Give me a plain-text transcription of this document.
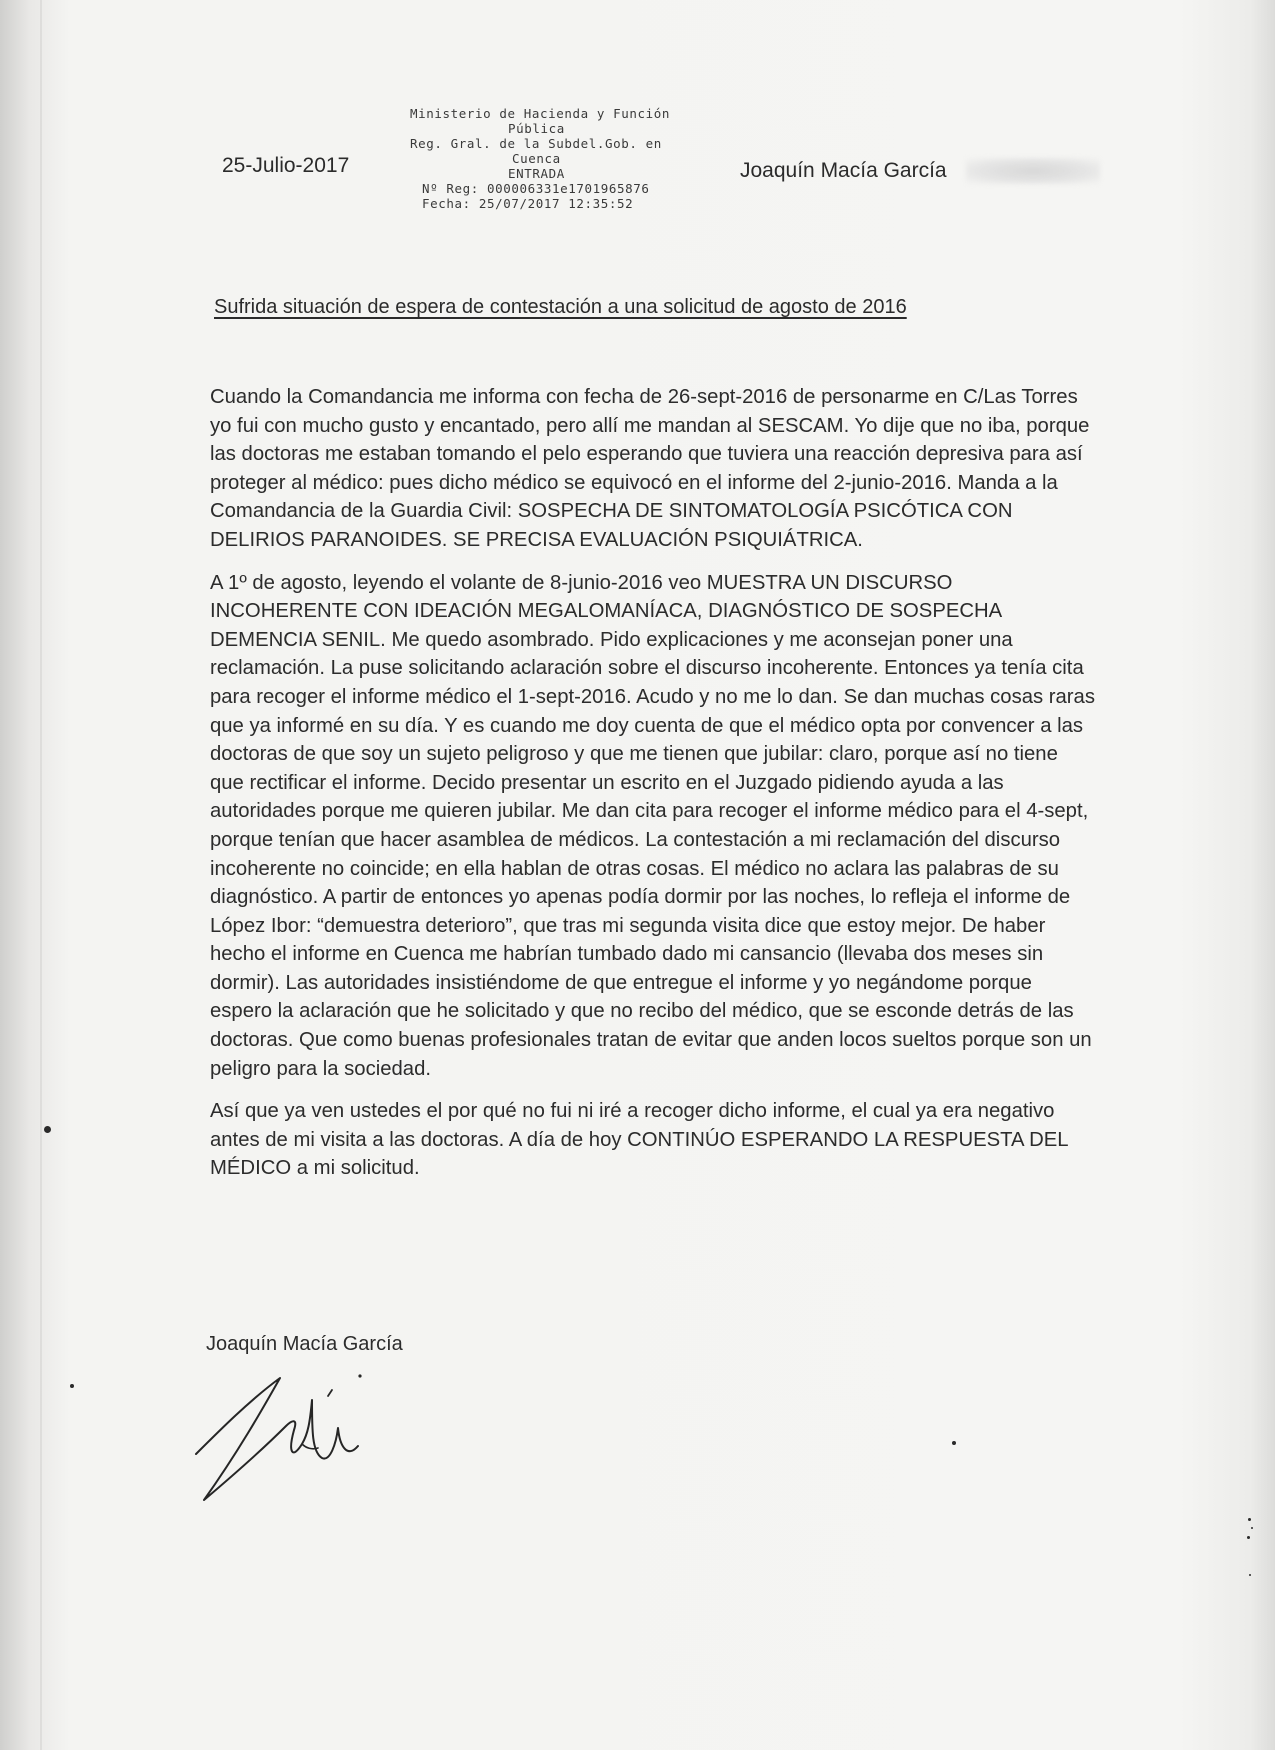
25-Julio-2017
Ministerio de Hacienda y Función
Pública
Reg. Gral. de la Subdel.Gob. en
Cuenca
ENTRADA
Nº Reg: 000006331e1701965876
Fecha: 25/07/2017 12:35:52
Joaquín Macía García
Sufrida situación de espera de contestación a una solicitud de agosto de 2016

Cuando la Comandancia me informa con fecha de 26-sept-2016 de personarme en C/Las Torres yo fui con mucho gusto y encantado, pero allí me mandan al SESCAM. Yo dije que no iba, porque las doctoras me estaban tomando el pelo esperando que tuviera una reacción depresiva para así proteger al médico: pues dicho médico se equivocó en el informe del 2-junio-2016. Manda a la Comandancia de la Guardia Civil: SOSPECHA DE SINTOMATOLOGÍA PSICÓTICA CON DELIRIOS PARANOIDES. SE PRECISA EVALUACIÓN PSIQUIÁTRICA.

A 1º de agosto, leyendo el volante de 8-junio-2016 veo MUESTRA UN DISCURSO INCOHERENTE CON IDEACIÓN MEGALOMANÍACA, DIAGNÓSTICO DE SOSPECHA DEMENCIA SENIL. Me quedo asombrado. Pido explicaciones y me aconsejan poner una reclamación. La puse solicitando aclaración sobre el discurso incoherente. Entonces ya tenía cita para recoger el informe médico el 1-sept-2016. Acudo y no me lo dan. Se dan muchas cosas raras que ya informé en su día. Y es cuando me doy cuenta de que el médico opta por convencer a las doctoras de que soy un sujeto peligroso y que me tienen que jubilar: claro, porque así no tiene que rectificar el informe. Decido presentar un escrito en el Juzgado pidiendo ayuda a las autoridades porque me quieren jubilar. Me dan cita para recoger el informe médico para el 4-sept, porque tenían que hacer asamblea de médicos. La contestación a mi reclamación del discurso incoherente no coincide; en ella hablan de otras cosas. El médico no aclara las palabras de su diagnóstico. A partir de entonces yo apenas podía dormir por las noches, lo refleja el informe de López Ibor: “demuestra deterioro”, que tras mi segunda visita dice que estoy mejor. De haber hecho el informe en Cuenca me habrían tumbado dado mi cansancio (llevaba dos meses sin dormir). Las autoridades insistiéndome de que entregue el informe y yo negándome porque espero la aclaración que he solicitado y que no recibo del médico, que se esconde detrás de las doctoras. Que como buenas profesionales tratan de evitar que anden locos sueltos porque son un peligro para la sociedad.

Así que ya ven ustedes el por qué no fui ni iré a recoger dicho informe, el cual ya era negativo antes de mi visita a las doctoras. A día de hoy CONTINÚO ESPERANDO LA RESPUESTA DEL MÉDICO a mi solicitud.

Joaquín Macía García
